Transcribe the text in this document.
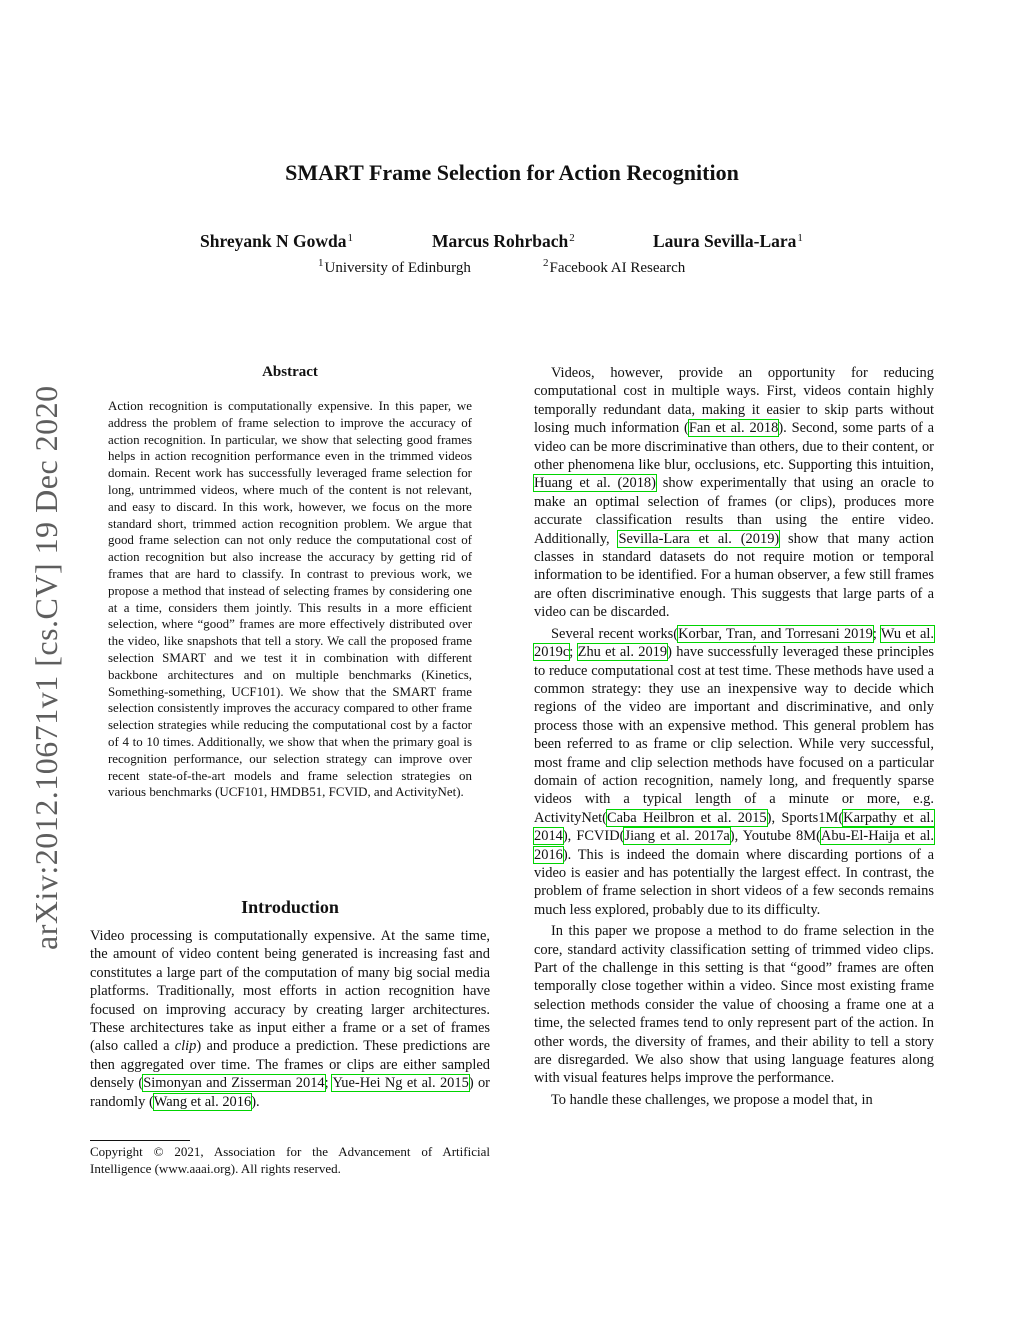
SMART Frame Selection for Action Recognition
Shreyank N Gowda$^1$	Marcus Rohrbach$^2$	Laura Sevilla-Lara$^1$
$^1$University of Edinburgh	$^2$Facebook AI Research
arXiv:2012.10671v1 [cs.CV] 19 Dec 2020
Abstract

Action recognition is computationally expensive. In this paper, we address the problem of frame selection to improve the accuracy of action recognition. In particular, we show that selecting good frames helps in action recognition performance even in the trimmed videos domain. Recent work has successfully leveraged frame selection for long, untrimmed videos, where much of the content is not relevant, and easy to discard. In this work, however, we focus on the more standard short, trimmed action recognition problem. We argue that good frame selection can not only reduce the computational cost of action recognition but also increase the accuracy by getting rid of frames that are hard to classify. In contrast to previous work, we propose a method that instead of selecting frames by considering one at a time, considers them jointly. This results in a more efficient selection, where “good” frames are more effectively distributed over the video, like snapshots that tell a story. We call the proposed frame selection SMART and we test it in combination with different backbone architectures and on multiple benchmarks (Kinetics, Something-something, UCF101). We show that the SMART frame selection consistently improves the accuracy compared to other frame selection strategies while reducing the computational cost by a factor of 4 to 10 times. Additionally, we show that when the primary goal is recognition performance, our selection strategy can improve over recent state-of-the-art models and frame selection strategies on various benchmarks (UCF101, HMDB51, FCVID, and ActivityNet).

Introduction

Video processing is computationally expensive. At the same time, the amount of video content being generated is increasing fast and constitutes a large part of the computation of many big social media platforms. Traditionally, most efforts in action recognition have focused on improving accuracy by creating larger architectures. These architectures take as input either a frame or a set of frames (also called a clip) and produce a prediction. These predictions are then aggregated over time. The frames or clips are either sampled densely (Simonyan and Zisserman 2014; Yue-Hei Ng et al. 2015) or randomly (Wang et al. 2016).

Copyright © 2021, Association for the Advancement of Artificial Intelligence (www.aaai.org). All rights reserved.

Videos, however, provide an opportunity for reducing computational cost in multiple ways. First, videos contain highly temporally redundant data, making it easier to skip parts without losing much information (Fan et al. 2018). Second, some parts of a video can be more discriminative than others, due to their content, or other phenomena like blur, occlusions, etc. Supporting this intuition, Huang et al. (2018) show experimentally that using an oracle to make an optimal selection of frames (or clips), produces more accurate classification results than using the entire video. Additionally, Sevilla-Lara et al. (2019) show that many action classes in standard datasets do not require motion or temporal information to be identified. For a human observer, a few still frames are often discriminative enough. This suggests that large parts of a video can be discarded.

Several recent works(Korbar, Tran, and Torresani 2019; Wu et al. 2019c; Zhu et al. 2019) have successfully leveraged these principles to reduce computational cost at test time. These methods have used a common strategy: they use an inexpensive way to decide which regions of the video are important and discriminative, and only process those with an expensive method. This general problem has been referred to as frame or clip selection. While very successful, most frame and clip selection methods have focused on a particular domain of action recognition, namely long, and frequently sparse videos with a typical length of a minute or more, e.g. ActivityNet(Caba Heilbron et al. 2015), Sports1M(Karpathy et al. 2014), FCVID(Jiang et al. 2017a), Youtube 8M(Abu-El-Haija et al. 2016). This is indeed the domain where discarding portions of a video is easier and has potentially the largest effect. In contrast, the problem of frame selection in short videos of a few seconds remains much less explored, probably due to its difficulty.

In this paper we propose a method to do frame selection in the core, standard activity classification setting of trimmed video clips. Part of the challenge in this setting is that “good” frames are often temporally close together within a video. Since most existing frame selection methods consider the value of choosing a frame one at a time, the selected frames tend to only represent part of the action. In other words, the diversity of frames, and their ability to tell a story are disregarded. We also show that using language features along with visual features helps improve the performance.

To handle these challenges, we propose a model that, in
